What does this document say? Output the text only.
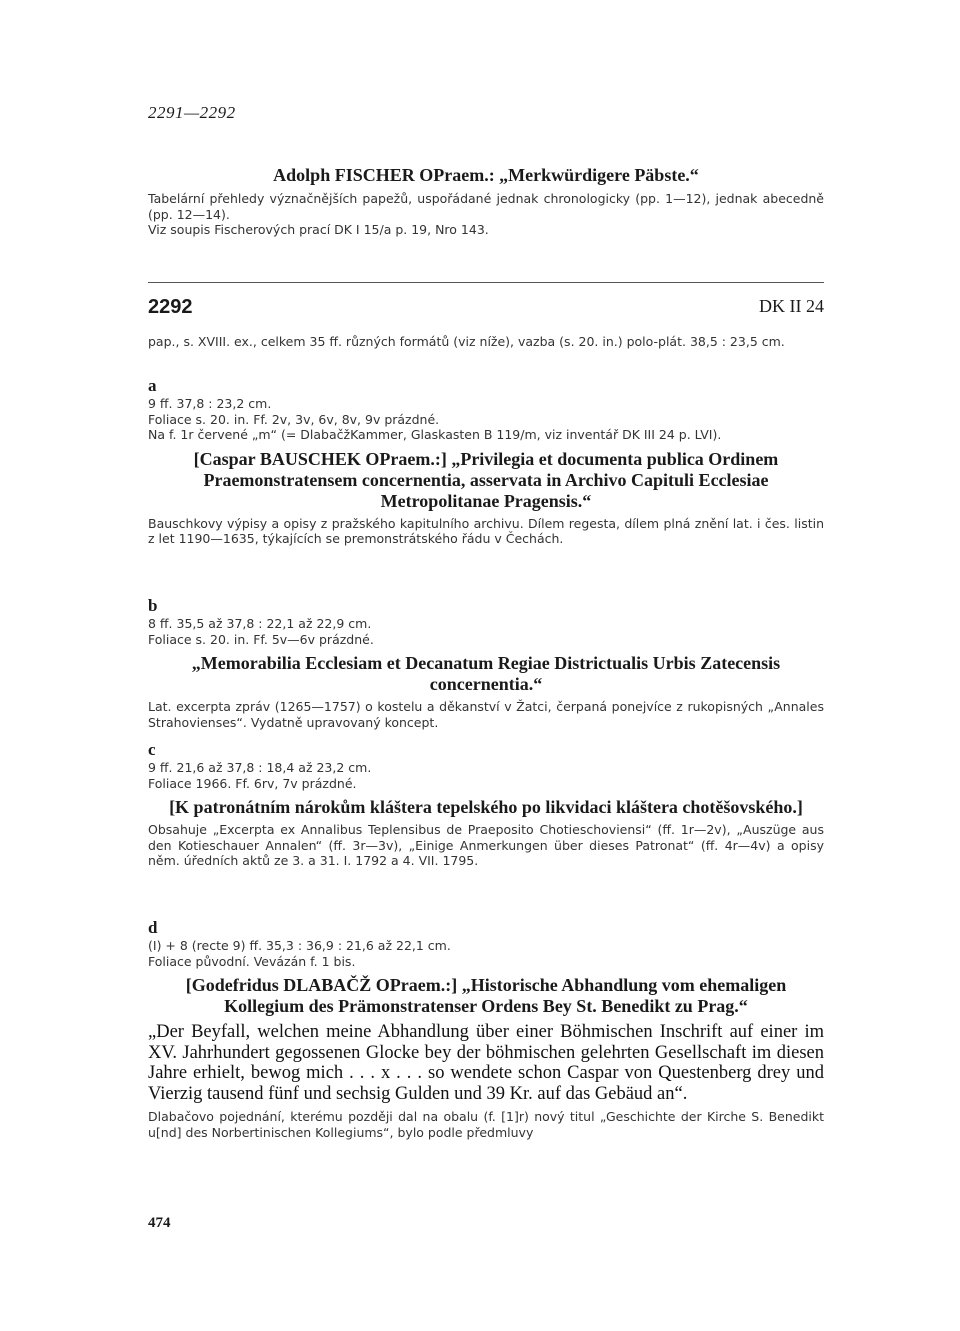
2291—2292

Adolph FISCHER OPraem.: „Merkwürdigere Päbste.“

Tabelární přehledy význačnějších papežů, uspořádané jednak chronologicky (pp. 1—12), jednak abecedně (pp. 12—14).

Viz soupis Fischerových prací DK I 15/a p. 19, Nro 143.

2292	DK II 24

pap., s. XVIII. ex., celkem 35 ff. různých formátů (viz níže), vazba (s. 20. in.) polo-plát. 38,5 : 23,5 cm.

a

9 ff. 37,8 : 23,2 cm.

Foliace s. 20. in. Ff. 2v, 3v, 6v, 8v, 9v prázdné.

Na f. 1r červené „m“ (= DlabačžKammer, Glaskasten B 119/m, viz inventář DK III 24 p. LVI).

[Caspar BAUSCHEK OPraem.:] „Privilegia et documenta publica Ordinem Praemonstratensem concernentia, asservata in Archivo Capituli Ecclesiae Metropolitanae Pragensis.“

Bauschkovy výpisy a opisy z pražského kapitulního archivu. Dílem regesta, dílem plná znění lat. i čes. listin z let 1190—1635, týkajících se premonstrátského řádu v Čechách.

b

8 ff. 35,5 až 37,8 : 22,1 až 22,9 cm.

Foliace s. 20. in. Ff. 5v—6v prázdné.

„Memorabilia Ecclesiam et Decanatum Regiae Districtualis Urbis Zatecensis concernentia.“

Lat. excerpta zpráv (1265—1757) o kostelu a děkanství v Žatci, čerpaná ponejvíce z rukopisných „Annales Strahovienses“. Vydatně upravovaný koncept.

c

9 ff. 21,6 až 37,8 : 18,4 až 23,2 cm.

Foliace 1966. Ff. 6rv, 7v prázdné.

[K patronátním nárokům kláštera tepelského po likvidaci kláštera chotěšovského.]

Obsahuje „Excerpta ex Annalibus Teplensibus de Praeposito Chotieschoviensi“ (ff. 1r—2v), „Auszüge aus den Kotieschauer Annalen“ (ff. 3r—3v), „Einige Anmerkungen über dieses Patronat“ (ff. 4r—4v) a opisy něm. úředních aktů ze 3. a 31. I. 1792 a 4. VII. 1795.

d

(I) + 8 (recte 9) ff. 35,3 : 36,9 : 21,6 až 22,1 cm.

Foliace původní. Vevázán f. 1 bis.

[Godefridus DLABAČŽ OPraem.:] „Historische Abhandlung vom ehemaligen Kollegium des Prämonstratenser Ordens Bey St. Benedikt zu Prag.“

„Der Beyfall, welchen meine Abhandlung über einer Böhmischen Inschrift auf einer im XV. Jahrhundert gegossenen Glocke bey der böhmischen gelehrten Gesellschaft im diesen Jahre erhielt, bewog mich . . . x . . . so wendete schon Caspar von Questenberg drey und Vierzig tausend fünf und sechsig Gulden und 39 Kr. auf das Gebäud an“.

Dlabačovo pojednání, kterému později dal na obalu (f. [1]r) nový titul „Geschichte der Kirche S. Benedikt u[nd] des Norbertinischen Kollegiums“, bylo podle předmluvy

474
